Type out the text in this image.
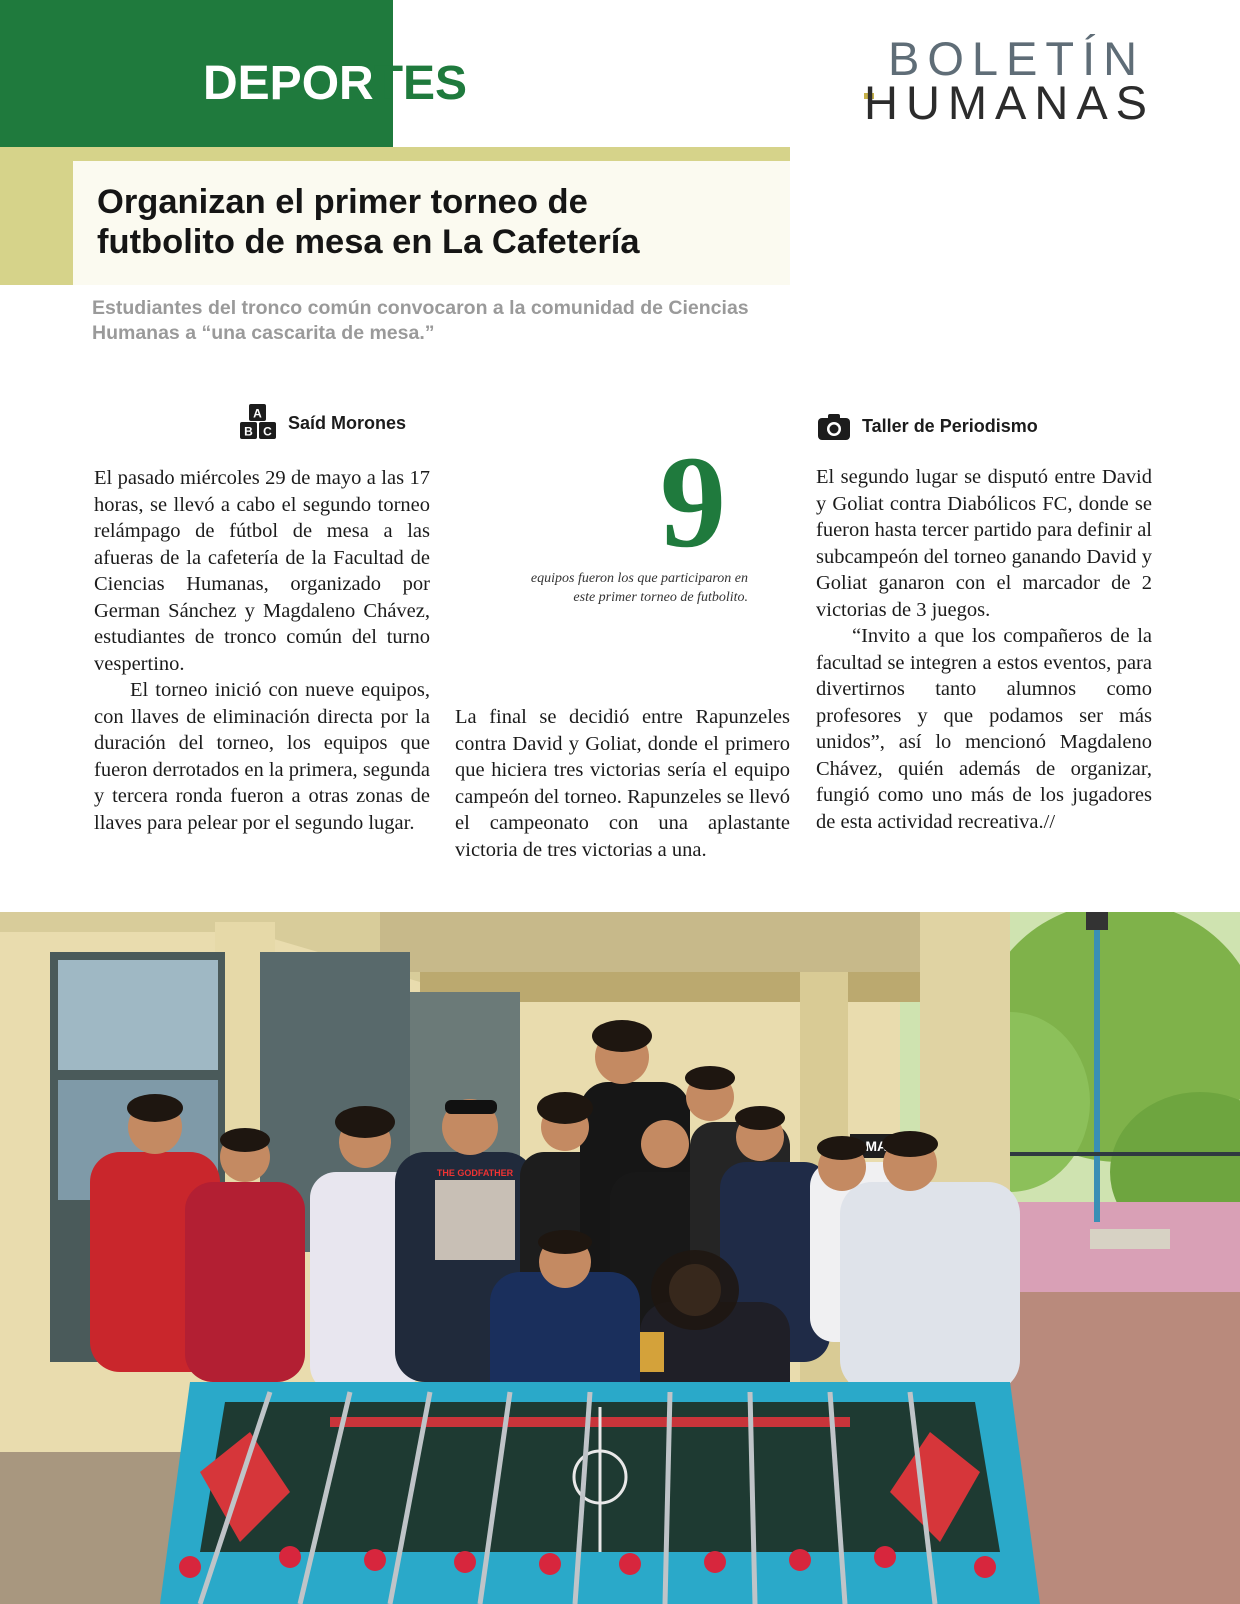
DEPORTES	BOLETÍN
HUMANAS
Organizan el primer torneo de
futbolito de mesa en La Cafetería
Estudiantes del tronco común convocaron a la comunidad de Ciencias Humanas a “una cascarita de mesa.”
A
B C Saíd Morones	Taller de Periodismo

El pasado miércoles 29 de mayo a las 17 horas, se llevó a cabo el segundo torneo relámpago de fútbol de mesa a las afueras de la cafetería de la Facultad de Ciencias Humanas, organizado por German Sánchez y Magdaleno Chávez, estudiantes de tronco común del turno vespertino.

El torneo inició con nueve equipos, con llaves de eliminación directa por la duración del torneo, los equipos que fueron derrotados en la primera, segunda y tercera ronda fueron a otras zonas de llaves para pelear por el segundo lugar.

9
equipos fueron los que participaron en este primer torneo de futbolito.

La final se decidió entre Rapunzeles contra David y Goliat, donde el primero que hiciera tres victorias sería el equipo campeón del torneo. Rapunzeles se llevó el campeonato con una aplastante victoria de tres victorias a una.

El segundo lugar se disputó entre David y Goliat contra Diabólicos FC, donde se fueron hasta tercer partido para definir al subcampeón del torneo ganando David y Goliat ganaron con el marcador de 2 victorias de 3 juegos.

“Invito a que los compañeros de la facultad se integren a estos eventos, para divertirnos tanto alumnos como profesores y que podamos ser más unidos”, así lo mencionó Magdaleno Chávez, quién además de organizar, fungió como uno más de los jugadores de esta actividad recreativa.//

THE GODFATHER
